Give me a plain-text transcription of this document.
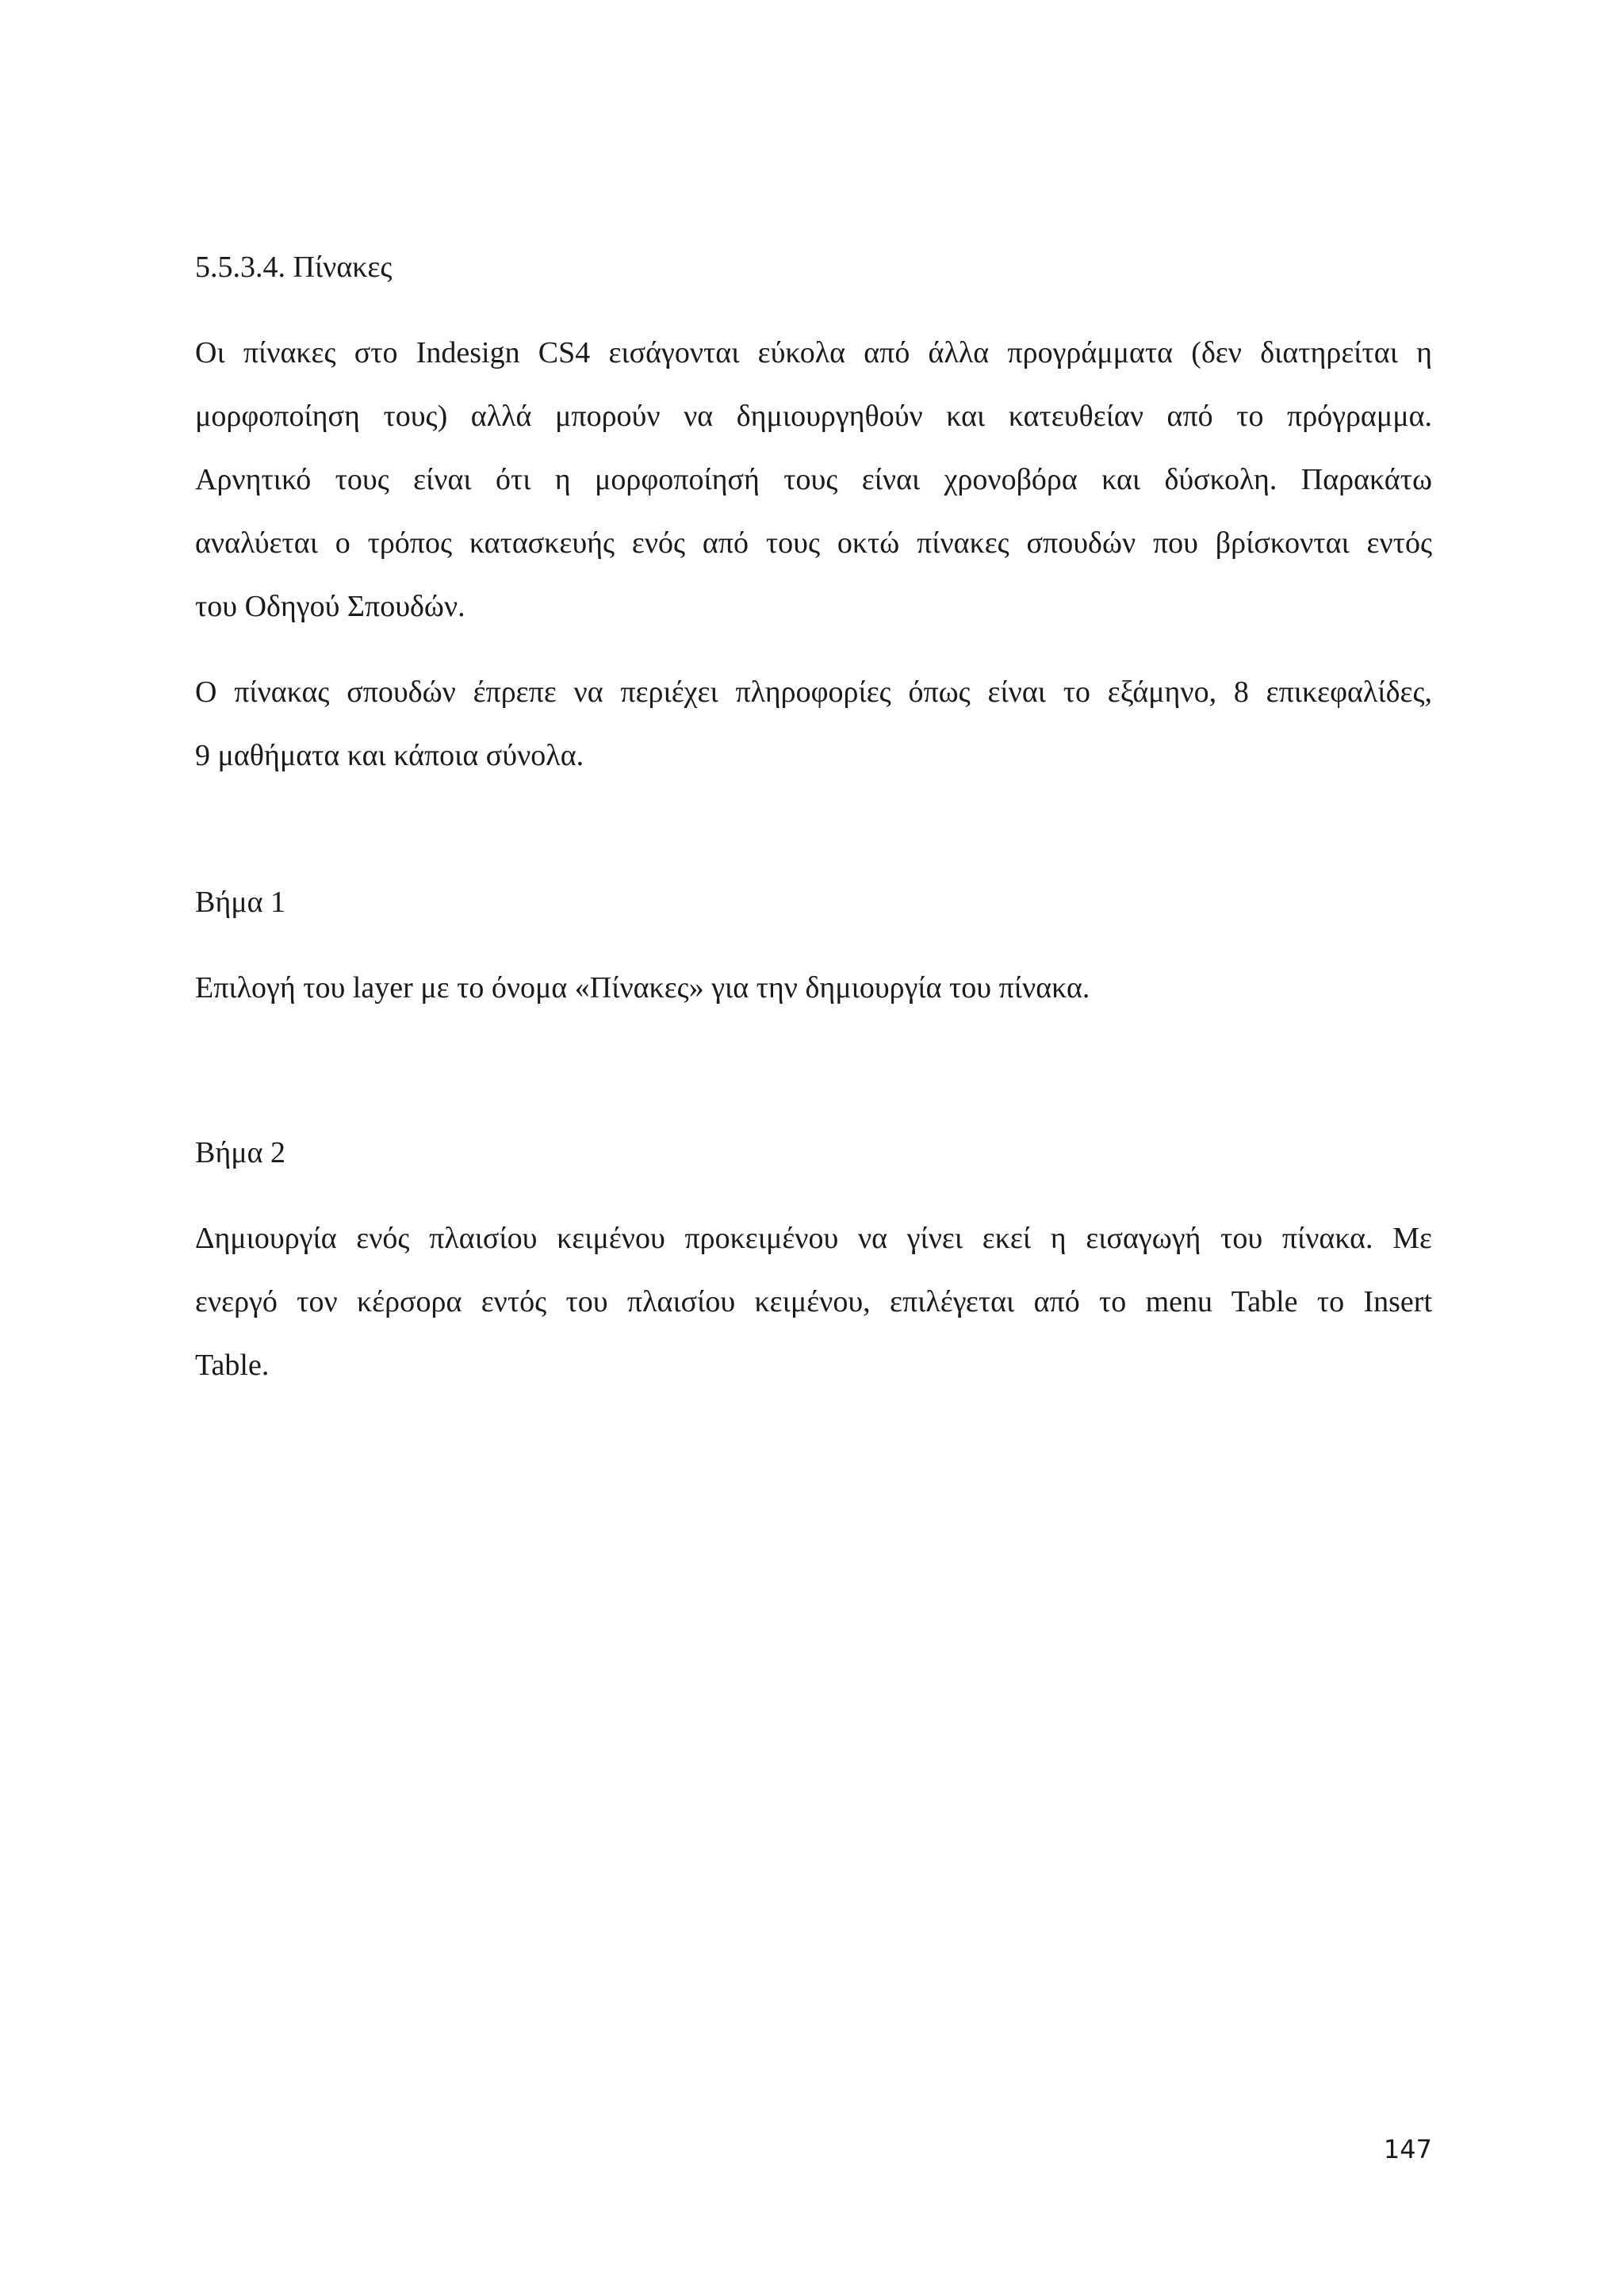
5.5.3.4. Πίνακες
Οι πίνακες στο Indesign CS4 εισάγονται εύκολα από άλλα προγράμματα (δεν διατηρείται η
μορφοποίηση τους) αλλά μπορούν να δημιουργηθούν και κατευθείαν από το πρόγραμμα.
Αρνητικό τους είναι ότι η μορφοποίησή τους είναι χρονοβόρα και δύσκολη. Παρακάτω
αναλύεται ο τρόπος κατασκευής ενός από τους οκτώ πίνακες σπουδών που βρίσκονται εντός
του Οδηγού Σπουδών.
Ο πίνακας σπουδών έπρεπε να περιέχει πληροφορίες όπως είναι το εξάμηνο, 8 επικεφαλίδες,
9 μαθήματα και κάποια σύνολα.
Βήμα 1
Επιλογή του layer με το όνομα «Πίνακες» για την δημιουργία του πίνακα.
Βήμα 2
Δημιουργία ενός πλαισίου κειμένου προκειμένου να γίνει εκεί η εισαγωγή του πίνακα. Με
ενεργό τον κέρσορα εντός του πλαισίου κειμένου, επιλέγεται από το menu Table το Insert
Table.
147
